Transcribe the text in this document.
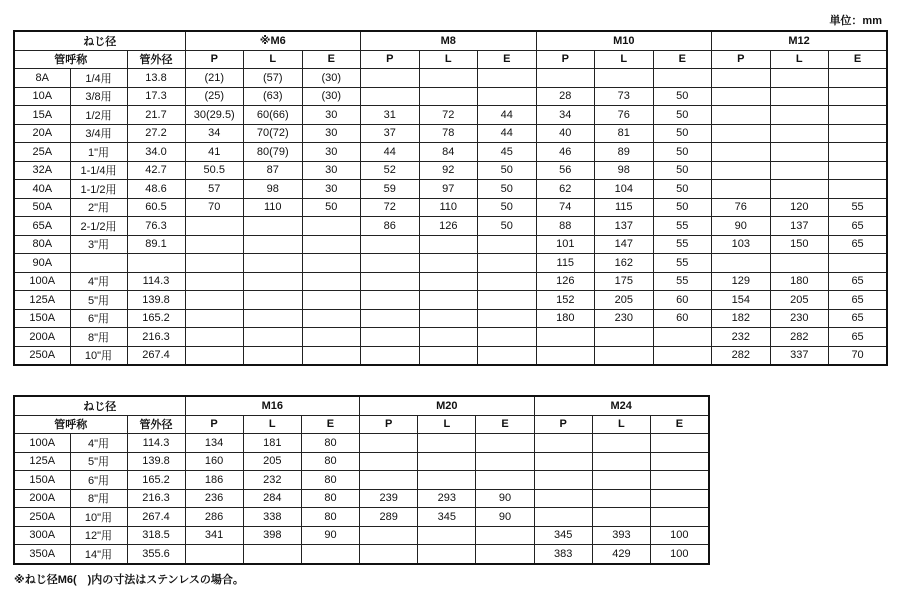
単位：mm
ねじ径			※M6			M8			M10			M12		
管呼称		管外径	P	L	E	P	L	E	P	L	E	P	L	E
8A	1/4用	13.8	(21)	(57)	(30)									
10A	3/8用	17.3	(25)	(63)	(30)				28	73	50			
15A	1/2用	21.7	30(29.5)	60(66)	30	31	72	44	34	76	50			
20A	3/4用	27.2	34	70(72)	30	37	78	44	40	81	50			
25A	1"用	34.0	41	80(79)	30	44	84	45	46	89	50			
32A	1-1/4用	42.7	50.5	87	30	52	92	50	56	98	50			
40A	1-1/2用	48.6	57	98	30	59	97	50	62	104	50			
50A	2"用	60.5	70	110	50	72	110	50	74	115	50	76	120	55
65A	2-1/2用	76.3				86	126	50	88	137	55	90	137	65
80A	3"用	89.1							101	147	55	103	150	65
90A									115	162	55			
100A	4"用	114.3							126	175	55	129	180	65
125A	5"用	139.8							152	205	60	154	205	65
150A	6"用	165.2							180	230	60	182	230	65
200A	8"用	216.3										232	282	65
250A	10"用	267.4										282	337	70
ねじ径			M16			M20			M24		
管呼称		管外径	P	L	E	P	L	E	P	L	E
100A	4"用	114.3	134	181	80						
125A	5"用	139.8	160	205	80						
150A	6"用	165.2	186	232	80						
200A	8"用	216.3	236	284	80	239	293	90			
250A	10"用	267.4	286	338	80	289	345	90			
300A	12"用	318.5	341	398	90				345	393	100
350A	14"用	355.6							383	429	100
※ねじ径M6(　)内の寸法はステンレスの場合。
